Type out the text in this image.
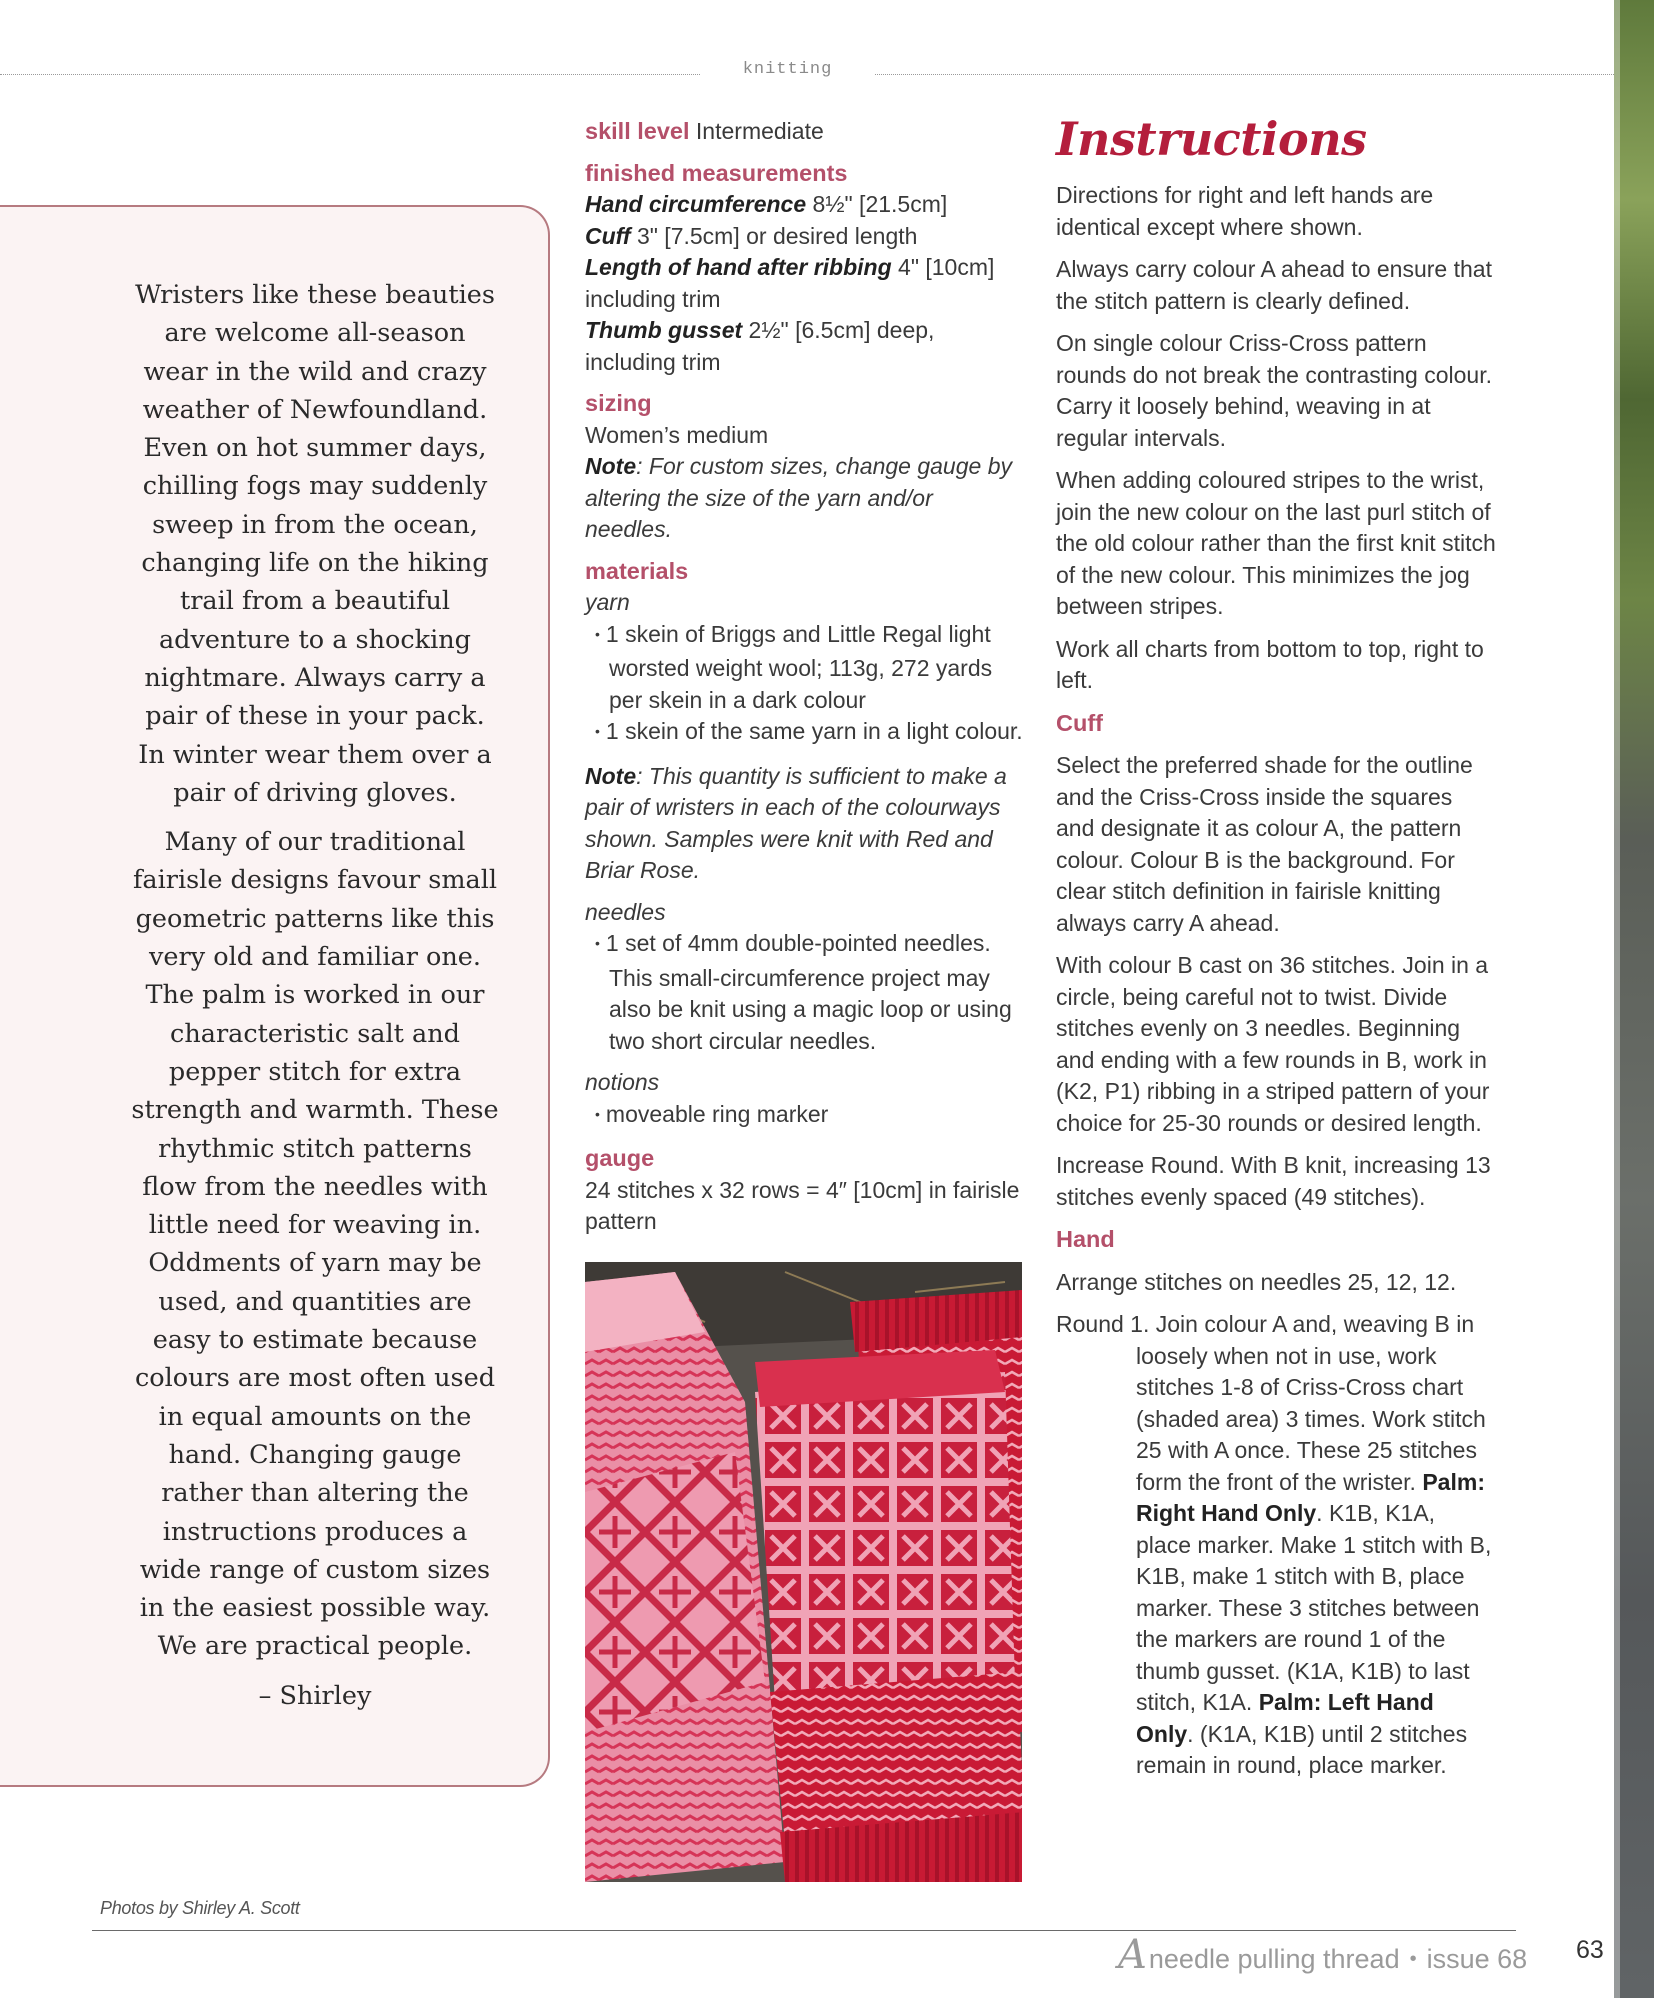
knitting

Wristers like these beauties are welcome all-season wear in the wild and crazy weather of Newfoundland. Even on hot summer days, chilling fogs may suddenly sweep in from the ocean, changing life on the hiking trail from a beautiful adventure to a shocking nightmare. Always carry a pair of these in your pack. In winter wear them over a pair of driving gloves.

Many of our traditional fairisle designs favour small geometric patterns like this very old and familiar one. The palm is worked in our characteristic salt and pepper stitch for extra strength and warmth. These rhythmic stitch patterns flow from the needles with little need for weaving in. Oddments of yarn may be used, and quantities are easy to estimate because colours are most often used in equal amounts on the hand. Changing gauge rather than altering the instructions produces a wide range of custom sizes in the easiest possible way. We are practical people.

– Shirley

skill level Intermediate
finished measurements
Hand circumference 8½" [21.5cm]
Cuff 3" [7.5cm] or desired length
Length of hand after ribbing 4" [10cm] including trim
Thumb gusset 2½" [6.5cm] deep, including trim
sizing
Women’s medium
Note: For custom sizes, change gauge by altering the size of the yarn and/or needles.
materials
yarn
• 1 skein of Briggs and Little Regal light worsted weight wool; 113g, 272 yards per skein in a dark colour
• 1 skein of the same yarn in a light colour.
Note: This quantity is sufficient to make a pair of wristers in each of the colourways shown. Samples were knit with Red and Briar Rose.
needles
• 1 set of 4mm double-pointed needles. This small-circumference project may also be knit using a magic loop or using two short circular needles.
notions
• moveable ring marker
gauge
24 stitches x 32 rows = 4″ [10cm] in fairisle pattern
Instructions

Directions for right and left hands are identical except where shown.

Always carry colour A ahead to ensure that the stitch pattern is clearly defined.

On single colour Criss-Cross pattern rounds do not break the contrasting colour. Carry it loosely behind, weaving in at regular intervals.

When adding coloured stripes to the wrist, join the new colour on the last purl stitch of the old colour rather than the first knit stitch of the new colour. This minimizes the jog between stripes.

Work all charts from bottom to top, right to left.

Cuff

Select the preferred shade for the outline and the Criss-Cross inside the squares and designate it as colour A, the pattern colour. Colour B is the background. For clear stitch definition in fairisle knitting always carry A ahead.

With colour B cast on 36 stitches. Join in a circle, being careful not to twist. Divide stitches evenly on 3 needles. Beginning and ending with a few rounds in B, work in (K2, P1) ribbing in a striped pattern of your choice for 25-30 rounds or desired length.

Increase Round. With B knit, increasing 13 stitches evenly spaced (49 stitches).

Hand

Arrange stitches on needles 25, 12, 12.

Round 1. Join colour A and, weaving B in loosely when not in use, work stitches 1-8 of Criss-Cross chart (shaded area) 3 times. Work stitch 25 with A once. These 25 stitches form the front of the wrister. Palm: Right Hand Only. K1B, K1A, place marker. Make 1 stitch with B, K1B, make 1 stitch with B, place marker. These 3 stitches between the markers are round 1 of the thumb gusset. (K1A, K1B) to last stitch, K1A. Palm: Left Hand Only. (K1A, K1B) until 2 stitches remain in round, place marker.

Photos by Shirley A. Scott
Aneedle pulling thread • issue 68 63
